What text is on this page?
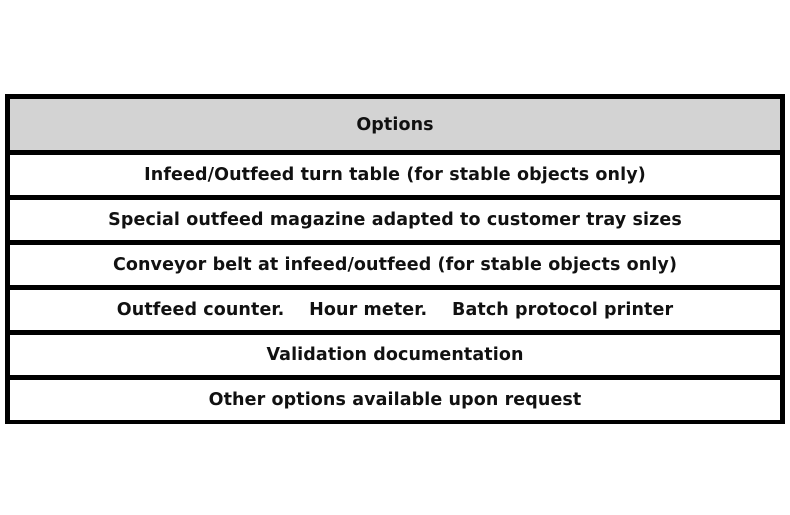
Options
Infeed/Outfeed turn table (for stable objects only)
Special outfeed magazine adapted to customer tray sizes
Conveyor belt at infeed/outfeed (for stable objects only)
Outfeed counter.    Hour meter.    Batch protocol printer
Validation documentation
Other options available upon request
